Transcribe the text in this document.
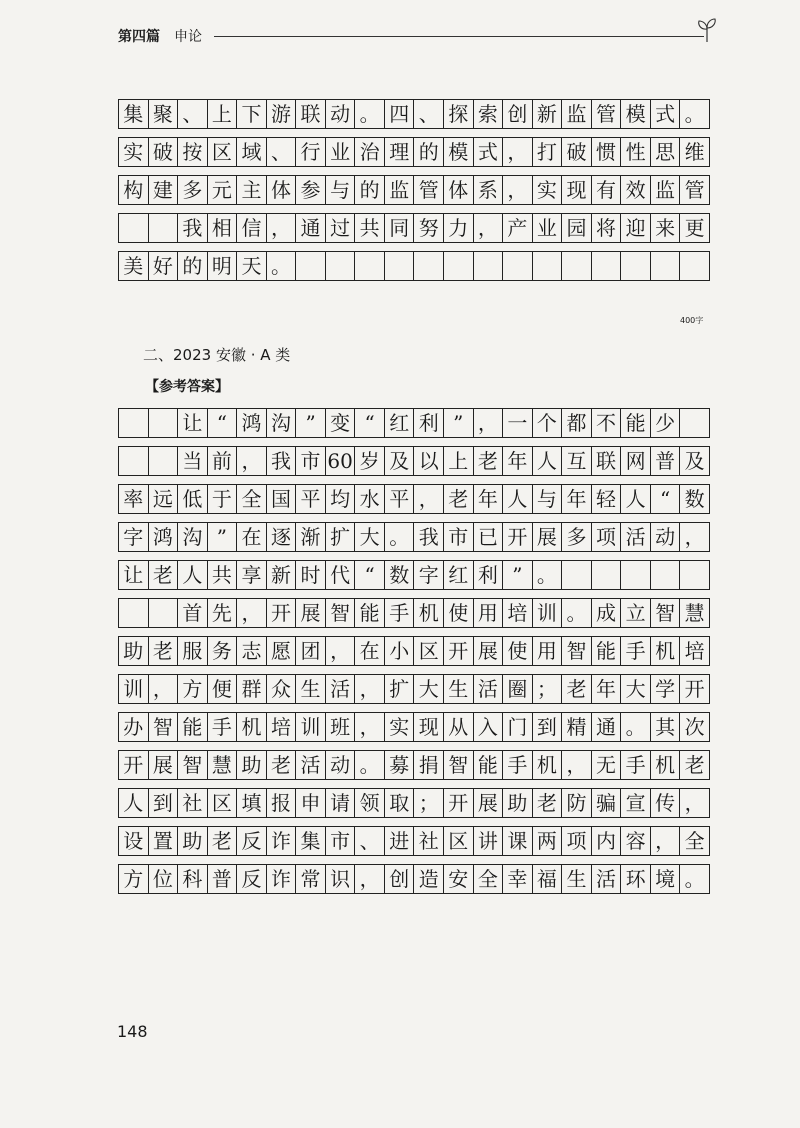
第四篇 申论
集 聚 、 上 下 游 联 动 。 四 、 探 索 创 新 监 管 模 式 。
实 破 按 区 域 、 行 业 治 理 的 模 式 ， 打 破 惯 性 思 维
构 建 多 元 主 体 参 与 的 监 管 体 系 ， 实 现 有 效 监 管
我 相 信 ， 通 过 共 同 努 力 ， 产 业 园 将 迎 来 更
美 好 的 明 天 。
400字
二、2023 安徽 · A 类
【参考答案】
让 “ 鸿 沟 ” 变 “ 红 利 ” ， 一 个 都 不 能 少
当 前 ， 我 市 60 岁 及 以 上 老 年 人 互 联 网 普 及
率 远 低 于 全 国 平 均 水 平 ， 老 年 人 与 年 轻 人 “ 数
字 鸿 沟 ” 在 逐 渐 扩 大 。 我 市 已 开 展 多 项 活 动 ，
让 老 人 共 享 新 时 代 “ 数 字 红 利 ” 。
首 先 ， 开 展 智 能 手 机 使 用 培 训 。 成 立 智 慧
助 老 服 务 志 愿 团 ， 在 小 区 开 展 使 用 智 能 手 机 培
训 ， 方 便 群 众 生 活 ， 扩 大 生 活 圈 ； 老 年 大 学 开
办 智 能 手 机 培 训 班 ， 实 现 从 入 门 到 精 通 。 其 次
开 展 智 慧 助 老 活 动 。 募 捐 智 能 手 机 ， 无 手 机 老
人 到 社 区 填 报 申 请 领 取 ； 开 展 助 老 防 骗 宣 传 ，
设 置 助 老 反 诈 集 市 、 进 社 区 讲 课 两 项 内 容 ， 全
方 位 科 普 反 诈 常 识 ， 创 造 安 全 幸 福 生 活 环 境 。
148
